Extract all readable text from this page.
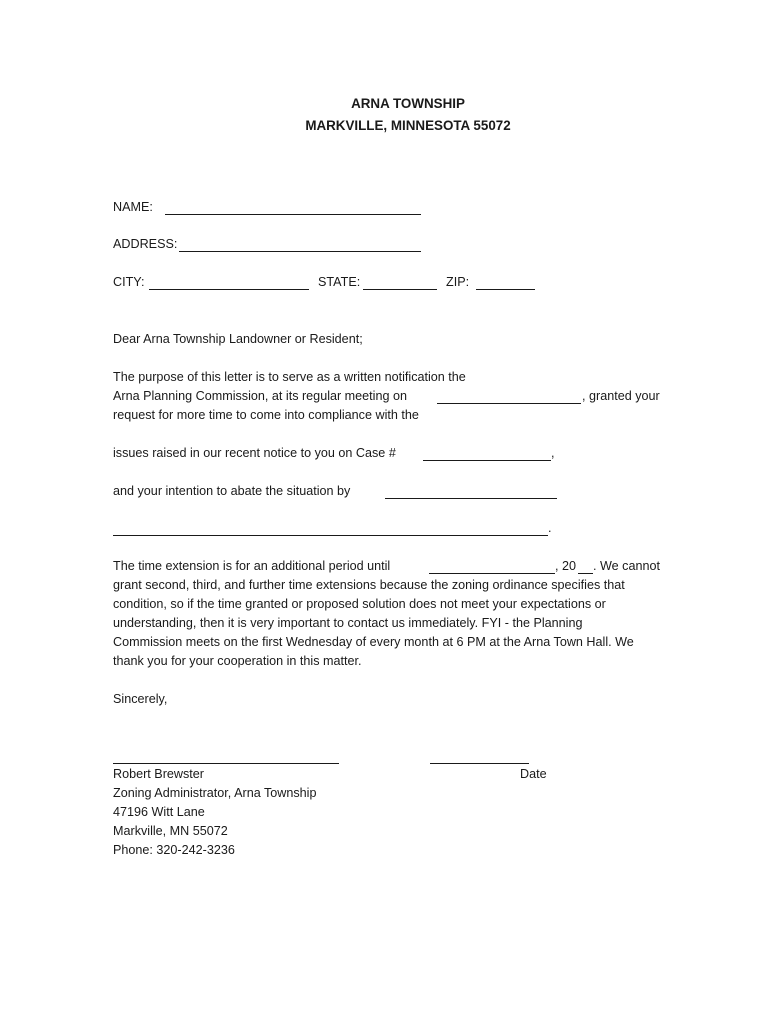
ARNA TOWNSHIP
MARKVILLE, MINNESOTA 55072
NAME:
ADDRESS:
CITY:	STATE:	ZIP:
Dear Arna Township Landowner or Resident;
The purpose of this letter is to serve as a written notification the
Arna Planning Commission, at its regular meeting on	, granted your
request for more time to come into compliance with the
issues raised in our recent notice to you on Case #	,
and your intention to abate the situation by
.
The time extension is for an additional period until	, 20 . We cannot
grant second, third, and further time extensions because the zoning ordinance specifies that
condition, so if the time granted or proposed solution does not meet your expectations or
understanding, then it is very important to contact us immediately. FYI - the Planning
Commission meets on the first Wednesday of every month at 6 PM at the Arna Town Hall. We
thank you for your cooperation in this matter.
Sincerely,
Robert Brewster	Date
Zoning Administrator, Arna Township
47196 Witt Lane
Markville, MN 55072
Phone: 320-242-3236
